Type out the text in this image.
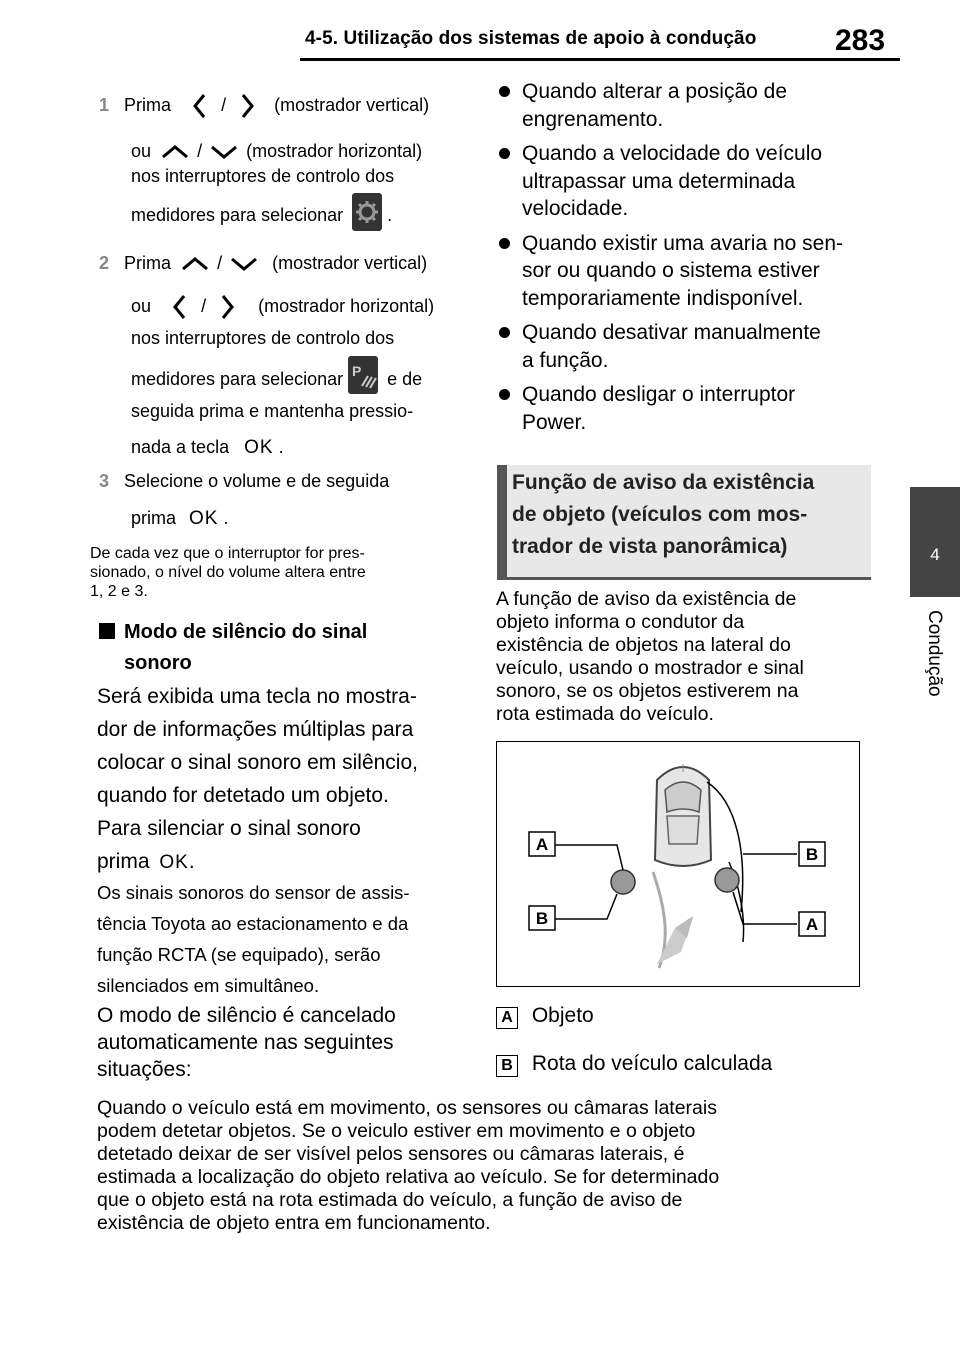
4-5. Utilização dos sistemas de apoio à condução	283
4
Condução
1 Prima	/	(mostrador vertical)
ou	/ (mostrador horizontal)
nos interruptores de controlo dos
medidores para selecionar .
2 Prima	/	(mostrador vertical)
ou	/	(mostrador horizontal)
nos interruptores de controlo dos
medidores para selecionar P e de
seguida prima e mantenha pressio-
nada a tecla OK .
3 Selecione o volume e de seguida
prima OK .
De cada vez que o interruptor for pres-
sionado, o nível do volume altera entre
1, 2 e 3.
Modo de silêncio do sinal
sonoro
Será exibida uma tecla no mostra-
dor de informações múltiplas para
colocar o sinal sonoro em silêncio,
quando for detetado um objeto.
Para silenciar o sinal sonoro
prima OK.
Os sinais sonoros do sensor de assis-
tência Toyota ao estacionamento e da
função RCTA (se equipado), serão
silenciados em simultâneo.
O modo de silêncio é cancelado
automaticamente nas seguintes
situações:
Quando alterar a posição de
engrenamento.
Quando a velocidade do veículo
ultrapassar uma determinada
velocidade.
Quando existir uma avaria no sen-
sor ou quando o sistema estiver
temporariamente indisponível.
Quando desativar manualmente
a função.
Quando desligar o interruptor
Power.
Função de aviso da existência
de objeto (veículos com mos-
trador de vista panorâmica)
A função de aviso da existência de
objeto informa o condutor da
existência de objetos na lateral do
veículo, usando o mostrador e sinal
sonoro, se os objetos estiverem na
rota estimada do veículo.
A
B
B
A
A Objeto
B Rota do veículo calculada
Quando o veículo está em movimento, os sensores ou câmaras laterais
podem detetar objetos. Se o veiculo estiver em movimento e o objeto
detetado deixar de ser visível pelos sensores ou câmaras laterais, é
estimada a localização do objeto relativa ao veículo. Se for determinado
que o objeto está na rota estimada do veículo, a função de aviso de
existência de objeto entra em funcionamento.
